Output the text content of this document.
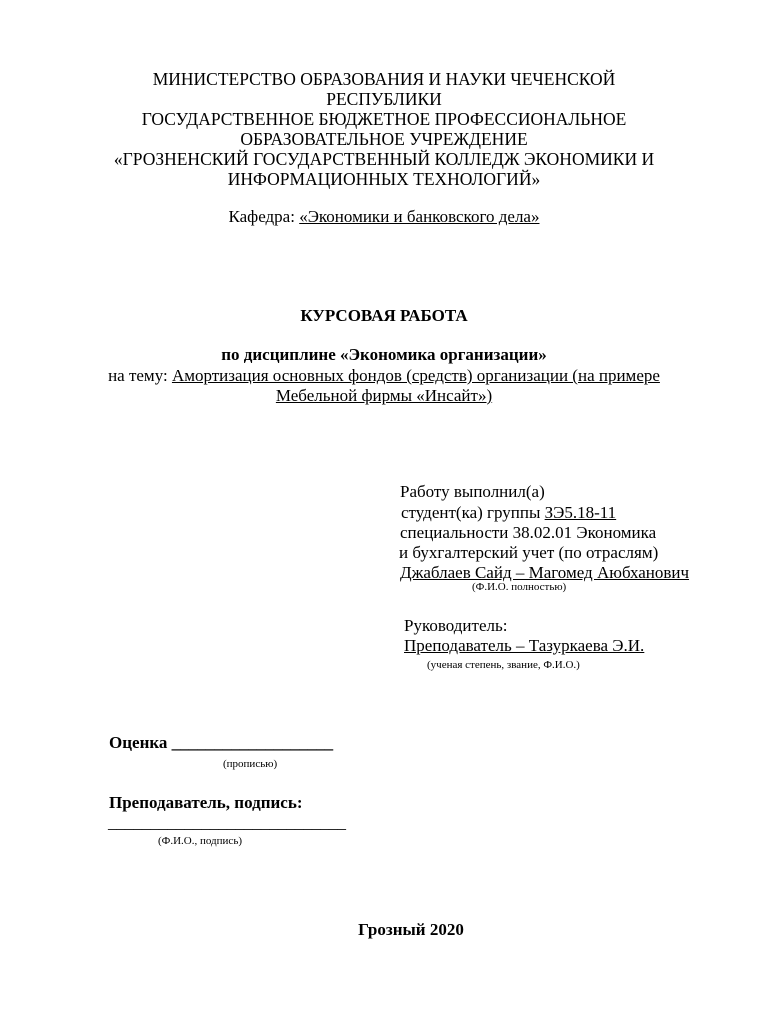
МИНИСТЕРСТВО ОБРАЗОВАНИЯ И НАУКИ ЧЕЧЕНСКОЙ
РЕСПУБЛИКИ
ГОСУДАРСТВЕННОЕ БЮДЖЕТНОЕ ПРОФЕССИОНАЛЬНОЕ
ОБРАЗОВАТЕЛЬНОЕ УЧРЕЖДЕНИЕ
«ГРОЗНЕНСКИЙ ГОСУДАРСТВЕННЫЙ КОЛЛЕДЖ ЭКОНОМИКИ И
ИНФОРМАЦИОННЫХ ТЕХНОЛОГИЙ»
Кафедра: «Экономики и банковского дела»
КУРСОВАЯ РАБОТА
по дисциплине «Экономика организации»
на тему: Амортизация основных фондов (средств) организации (на примере
Мебельной фирмы «Инсайт»)
Работу выполнил(а)
студент(ка) группы ЗЭ5.18-11
специальности 38.02.01 Экономика
и бухгалтерский учет (по отраслям)
Джаблаев Сайд – Магомед Аюбханович
(Ф.И.О. полностью)
Руководитель:
Преподаватель – Тазуркаева Э.И.
(ученая степень, звание, Ф.И.О.)
Оценка ___________________
(прописью)
Преподаватель, подпись:
____________________________
(Ф.И.О., подпись)
Грозный 2020
